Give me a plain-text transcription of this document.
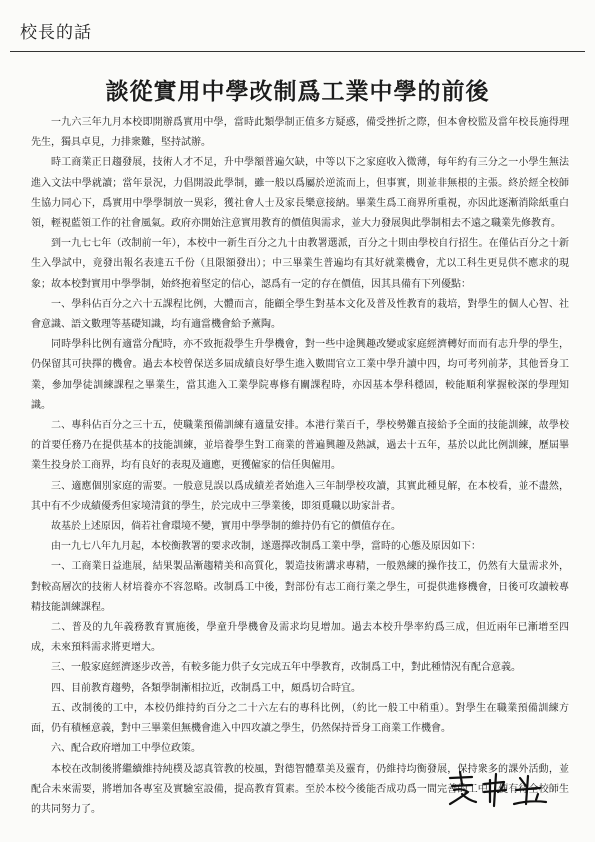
校長的話
談從實用中學改制爲工業中學的前後

一九六三年九月本校即開辦爲實用中學，當時此類學制正值多方疑惑，備受挫折之際，但本會校監及當年校長施得理先生，獨具卓見，力排衆難，堅持試辦。

時工商業正日趨發展，技術人才不足，升中學額普遍欠缺，中等以下之家庭收入微薄，每年約有三分之一小學生無法進入文法中學就讀；當年景況，力倡開設此學制，雖一般以爲屬於逆流而上，但事實，則並非無根的主張。終於經全校師生協力同心下，爲實用中學學制放一異彩，獲社會人士及家長樂意接納。畢業生爲工商界所重視，亦因此逐漸消除紙重白領，輕視藍領工作的社會風氣。政府亦開始注意實用教育的價值與需求，並大力發展與此學制相去不遠之職業先修教育。

到一九七七年（改制前一年），本校中一新生百分之九十由教署選派，百分之十則由學校自行招生。在僅佔百分之十新生入學試中，竟發出報名表達五千份（且限額發出）；中三畢業生普遍均有其好就業機會，尤以工科生更見供不應求的現象；故本校對實用中學學制，始終抱着堅定的信心，認爲有一定的存在價值，因其具備有下列優點：

一、學科佔百分之六十五課程比例，大體而言，能顧全學生對基本文化及普及性教育的栽培，對學生的個人心智、社會意識、語文數理等基礎知識，均有適當機會給予薰陶。

同時學科比例有適當分配時，亦不致扼殺學生升學機會，對一些中途興趣改變或家庭經濟轉好而而有志升學的學生，仍保留其可抉擇的機會。過去本校曾保送多屆成績良好學生進入數間官立工業中學升讀中四，均可考列前茅，其他晉身工業，參加學徒訓練課程之畢業生，當其進入工業學院專修有關課程時，亦因基本學科穩固，較能順利掌握較深的學理知識。

二、專科佔百分之三十五，使職業預備訓練有適量安排。本港行業百千，學校勢難直接給予全面的技能訓練，故學校的首要任務乃在提供基本的技能訓練，並培養學生對工商業的普遍興趣及熱誠，過去十五年，基於以此比例訓練，歷屆畢業生投身於工商界，均有良好的表現及適應，更獲僱家的信任與僱用。

三、適應個別家庭的需要。一般意見誤以爲成績差者始進入三年制學校攻讀，其實此種見解，在本校看，並不盡然，其中有不少成績優秀但家境清貧的學生，於完成中三學業後，即須覓職以助家計者。

故基於上述原因，倘若社會環境不變，實用中學學制的維持仍有它的價值存在。

由一九七八年九月起，本校衡教署的要求改制，遂選擇改制爲工業中學，當時的心態及原因如下：

一、工商業日益進展，結果製品漸趨精美和高質化，製造技術講求專精，一般熟練的操作技工，仍然有大量需求外，對較高層次的技術人材培養亦不容忽略。改制爲工中後，對部份有志工商行業之學生，可提供進修機會，日後可攻讀較專精技能訓練課程。

二、普及的九年義務教育實施後，學童升學機會及需求均見增加。過去本校升學率約爲三成，但近兩年已漸增至四成，未來預料需求將更增大。

三、一般家庭經濟逐步改善，有較多能力供子女完成五年中學教育，改制爲工中，對此種情況有配合意義。

四、目前教育趨勢，各類學制漸相拉近，改制爲工中，頗爲切合時宜。

五、改制後的工中，本校仍維持約百分之二十六左右的專科比例，（約比一般工中稍重）。對學生在職業預備訓練方面，仍有積極意義，對中三畢業但無機會進入中四攻讀之學生，仍然保持晉身工商業工作機會。

六、配合政府增加工中學位政策。

本校在改制後將繼續維持純樸及認真管教的校風，對德智體羣美及靈育，仍維持均衡發展，保持衆多的課外活動，並配合未來需要，將增加各專室及實驗室設備，提高教育質素。至於本校今後能否成功爲一間完善的工中，便有待全校師生的共同努力了。
